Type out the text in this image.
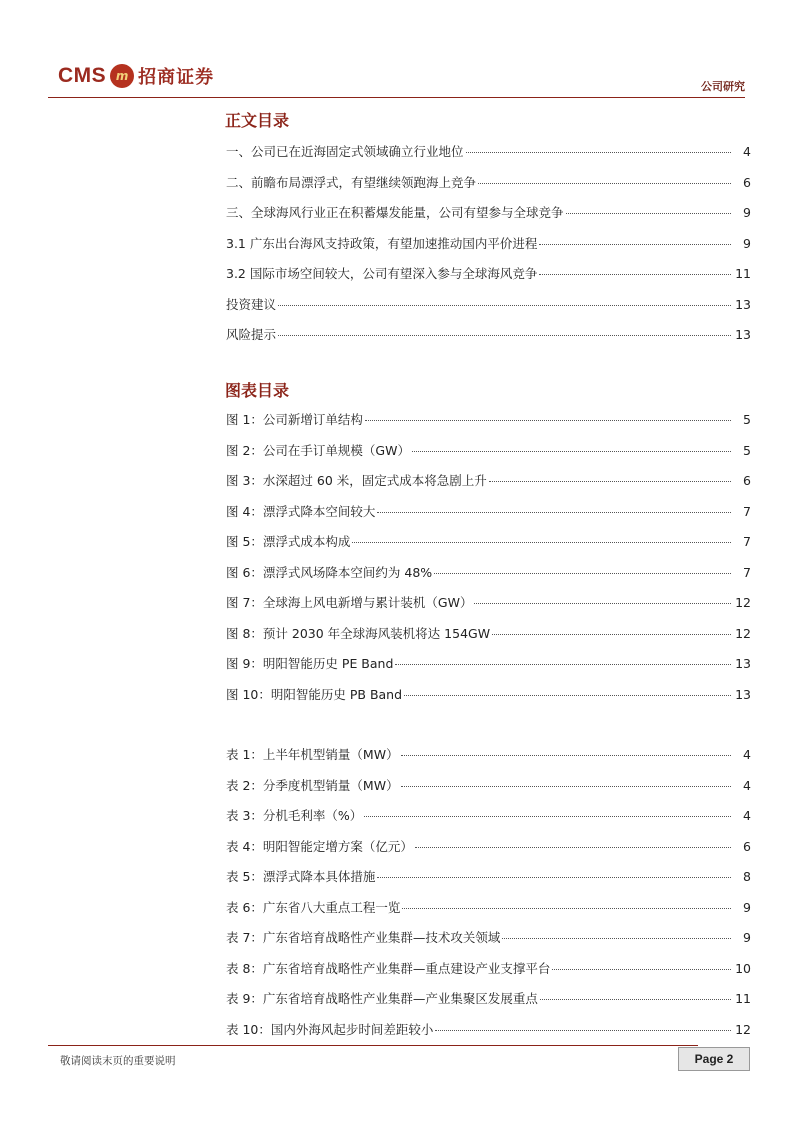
CMS m 招商证券	公司研究
正文目录
一、公司已在近海固定式领域确立行业地位	4
二、前瞻布局漂浮式，有望继续领跑海上竞争	6
三、全球海风行业正在积蓄爆发能量，公司有望参与全球竞争	9
3.1 广东出台海风支持政策，有望加速推动国内平价进程	9
3.2 国际市场空间较大，公司有望深入参与全球海风竞争	11
投资建议	13
风险提示	13
图表目录
图 1：公司新增订单结构	5
图 2：公司在手订单规模（GW）	5
图 3：水深超过 60 米，固定式成本将急剧上升	6
图 4：漂浮式降本空间较大	7
图 5：漂浮式成本构成	7
图 6：漂浮式风场降本空间约为 48%	7
图 7：全球海上风电新增与累计装机（GW）	12
图 8：预计 2030 年全球海风装机将达 154GW	12
图 9：明阳智能历史 PE Band	13
图 10：明阳智能历史 PB Band	13
表 1：上半年机型销量（MW）	4
表 2：分季度机型销量（MW）	4
表 3：分机毛利率（%）	4
表 4：明阳智能定增方案（亿元）	6
表 5：漂浮式降本具体措施	8
表 6：广东省八大重点工程一览	9
表 7：广东省培育战略性产业集群—技术攻关领域	9
表 8：广东省培育战略性产业集群—重点建设产业支撑平台	10
表 9：广东省培育战略性产业集群—产业集聚区发展重点	11
表 10：国内外海风起步时间差距较小	12
敬请阅读末页的重要说明	Page 2
